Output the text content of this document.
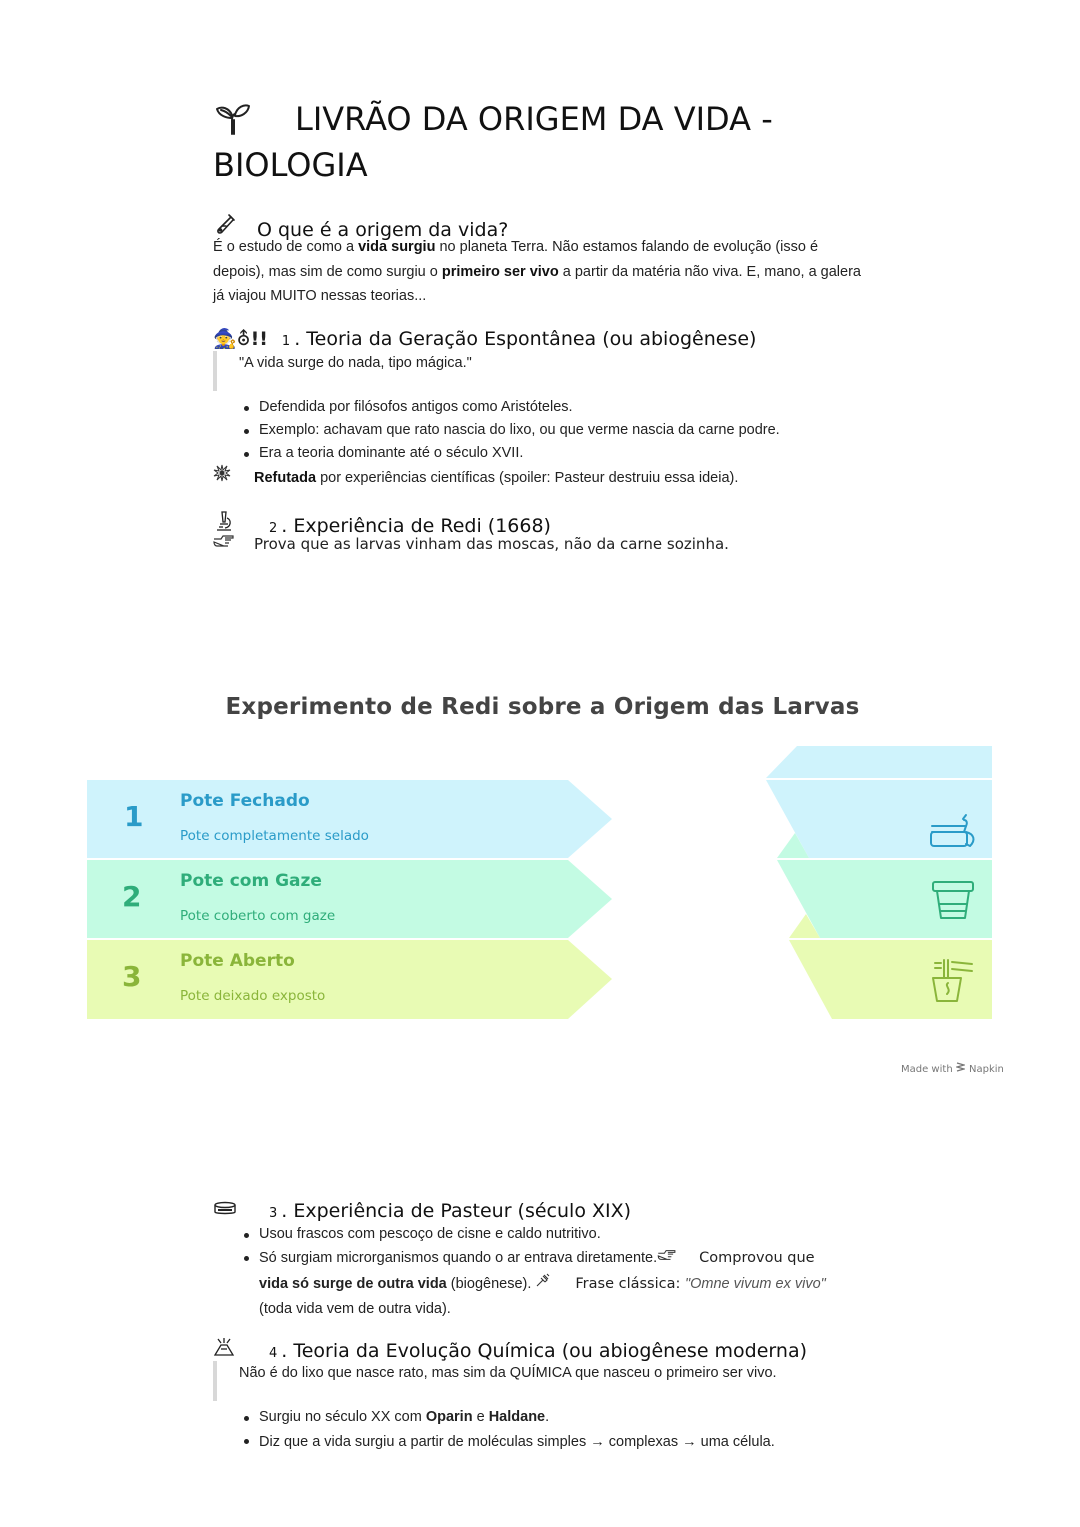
LIVRÃO DA ORIGEM DA VIDA - BIOLOGIA
O que é a origem da vida?
É o estudo de como a vida surgiu no planeta Terra. Não estamos falando de evolução (isso é depois), mas sim de como surgiu o primeiro ser vivo a partir da matéria não viva. E, mano, a galera já viajou MUITO nessas teorias...
🧙⛢!! 1 . Teoria da Geração Espontânea (ou abiogênese)
"A vida surge do nada, tipo mágica."
Defendida por filósofos antigos como Aristóteles.
Exemplo: achavam que rato nascia do lixo, ou que verme nascia da carne podre.
Era a teoria dominante até o século XVII.
Refutada por experiências científicas (spoiler: Pasteur destruiu essa ideia).
2 . Experiência de Redi (1668)
Prova que as larvas vinham das moscas, não da carne sozinha.
Experimento de Redi sobre a Origem das Larvas
1 Pote Fechado
Pote completamente selado
2 Pote com Gaze
Pote coberto com gaze
3 Pote Aberto
Pote deixado exposto
Made with Napkin
3 . Experiência de Pasteur (século XIX)
Usou frascos com pescoço de cisne e caldo nutritivo.
Só surgiam microrganismos quando o ar entrava diretamente.	Comprovou que
vida só surge de outra vida (biogênese).	Frase clássica: "Omne vivum ex vivo"
(toda vida vem de outra vida).
4 . Teoria da Evolução Química (ou abiogênese moderna)
Não é do lixo que nasce rato, mas sim da QUÍMICA que nasceu o primeiro ser vivo.
Surgiu no século XX com Oparin e Haldane.
Diz que a vida surgiu a partir de moléculas simples → complexas → uma célula.
